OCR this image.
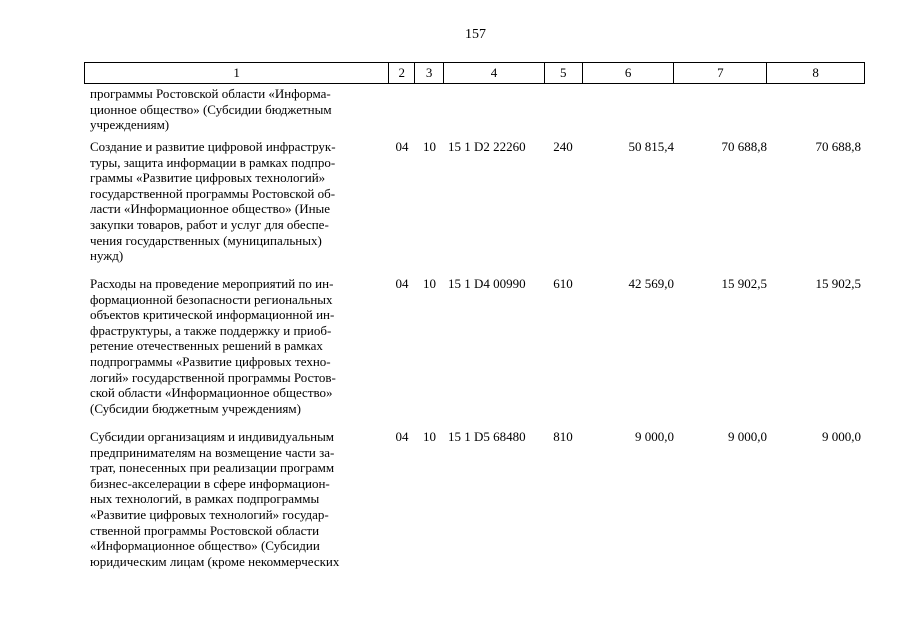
157
1	2	3	4	5	6	7	8
программы Ростовской области «Информа-
ционное общество» (Субсидии бюджетным
учреждениям)
Создание и развитие цифровой инфраструк-
туры, защита информации в рамках подпро-
граммы «Развитие цифровых технологий»
государственной программы Ростовской об-
ласти «Информационное общество» (Иные
закупки товаров, работ и услуг для обеспе-
чения государственных (муниципальных)
нужд)
04	10 15 1 D2 22260	240	50 815,4	70 688,8	70 688,8
Расходы на проведение мероприятий по ин-
формационной безопасности региональных
объектов критической информационной ин-
фраструктуры, а также поддержку и приоб-
ретение отечественных решений в рамках
подпрограммы «Развитие цифровых техно-
логий» государственной программы Ростов-
ской области «Информационное общество»
(Субсидии бюджетным учреждениям)
04	10 15 1 D4 00990	610	42 569,0	15 902,5	15 902,5
Субсидии организациям и индивидуальным
предпринимателям на возмещение части за-
трат, понесенных при реализации программ
бизнес-акселерации в сфере информацион-
ных технологий, в рамках подпрограммы
«Развитие цифровых технологий» государ-
ственной программы Ростовской области
«Информационное общество» (Субсидии
юридическим лицам (кроме некоммерческих
04	10 15 1 D5 68480	810	9 000,0	9 000,0	9 000,0
